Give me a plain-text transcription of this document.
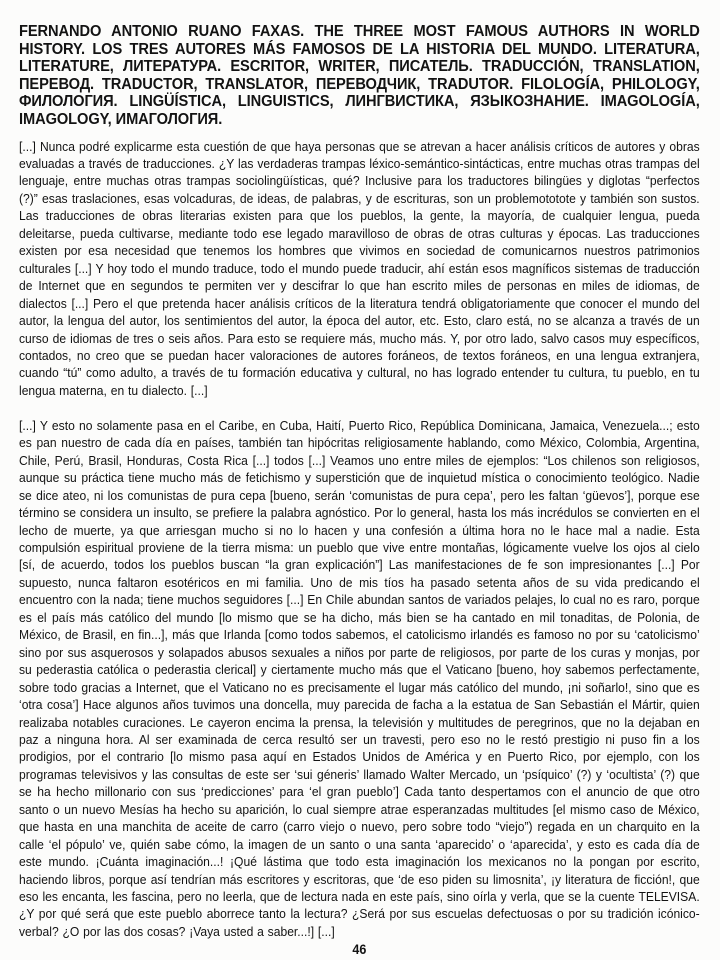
FERNANDO ANTONIO RUANO FAXAS. THE THREE MOST FAMOUS AUTHORS IN WORLD HISTORY. LOS TRES AUTORES MÁS FAMOSOS DE LA HISTORIA DEL MUNDO. LITERATURA, LITERATURE, ЛИТЕРАТУРА. ESCRITOR, WRITER, ПИСАТЕЛЬ. TRADUCCIÓN, TRANSLATION, ПЕРЕВОД. TRADUCTOR, TRANSLATOR, ПЕРЕВОДЧИК, TRADUTOR. FILOLOGÍA, PHILOLOGY, ФИЛОЛОГИЯ. LINGÜÍSTICA, LINGUISTICS, ЛИНГВИСТИКА, ЯЗЫКОЗНАНИЕ. IMAGOLOGÍA, IMAGOLOGY, ИМАГОЛОГИЯ.

[...] Nunca podré explicarme esta cuestión de que haya personas que se atrevan a hacer análisis críticos de autores y obras evaluadas a través de traducciones. ¿Y las verdaderas trampas léxico-semántico-sintácticas, entre muchas otras trampas del lenguaje, entre muchas otras trampas sociolingüísticas, qué? Inclusive para los traductores bilingües y diglotas “perfectos (?)” esas traslaciones, esas volcaduras, de ideas, de palabras, y de escrituras, son un problemototote y también son sustos. Las traducciones de obras literarias existen para que los pueblos, la gente, la mayoría, de cualquier lengua, pueda deleitarse, pueda cultivarse, mediante todo ese legado maravilloso de obras de otras culturas y épocas. Las traducciones existen por esa necesidad que tenemos los hombres que vivimos en sociedad de comunicarnos nuestros patrimonios culturales [...] Y hoy todo el mundo traduce, todo el mundo puede traducir, ahí están esos magníficos sistemas de traducción de Internet que en segundos te permiten ver y descifrar lo que han escrito miles de personas en miles de idiomas, de dialectos [...] Pero el que pretenda hacer análisis críticos de la literatura tendrá obligatoriamente que conocer el mundo del autor, la lengua del autor, los sentimientos del autor, la época del autor, etc. Esto, claro está, no se alcanza a través de un curso de idiomas de tres o seis años. Para esto se requiere más, mucho más. Y, por otro lado, salvo casos muy específicos, contados, no creo que se puedan hacer valoraciones de autores foráneos, de textos foráneos, en una lengua extranjera, cuando “tú” como adulto, a través de tu formación educativa y cultural, no has logrado entender tu cultura, tu pueblo, en tu lengua materna, en tu dialecto. [...]

[...] Y esto no solamente pasa en el Caribe, en Cuba, Haití, Puerto Rico, República Dominicana, Jamaica, Venezuela...; esto es pan nuestro de cada día en países, también tan hipócritas religiosamente hablando, como México, Colombia, Argentina, Chile, Perú, Brasil, Honduras, Costa Rica [...] todos [...] Veamos uno entre miles de ejemplos: “Los chilenos son religiosos, aunque su práctica tiene mucho más de fetichismo y superstición que de inquietud mística o conocimiento teológico. Nadie se dice ateo, ni los comunistas de pura cepa [bueno, serán ‘comunistas de pura cepa’, pero les faltan ‘güevos’], porque ese término se considera un insulto, se prefiere la palabra agnóstico. Por lo general, hasta los más incrédulos se convierten en el lecho de muerte, ya que arriesgan mucho si no lo hacen y una confesión a última hora no le hace mal a nadie. Esta compulsión espiritual proviene de la tierra misma: un pueblo que vive entre montañas, lógicamente vuelve los ojos al cielo [sí, de acuerdo, todos los pueblos buscan “la gran explicación”] Las manifestaciones de fe son impresionantes [...] Por supuesto, nunca faltaron esotéricos en mi familia. Uno de mis tíos ha pasado setenta años de su vida predicando el encuentro con la nada; tiene muchos seguidores [...] En Chile abundan santos de variados pelajes, lo cual no es raro, porque es el país más católico del mundo [lo mismo que se ha dicho, más bien se ha cantado en mil tonaditas, de Polonia, de México, de Brasil, en fin...], más que Irlanda [como todos sabemos, el catolicismo irlandés es famoso no por su ‘catolicismo’ sino por sus asquerosos y solapados abusos sexuales a niños por parte de religiosos, por parte de los curas y monjas, por su pederastia católica o pederastia clerical] y ciertamente mucho más que el Vaticano [bueno, hoy sabemos perfectamente, sobre todo gracias a Internet, que el Vaticano no es precisamente el lugar más católico del mundo, ¡ni soñarlo!, sino que es ‘otra cosa’] Hace algunos años tuvimos una doncella, muy parecida de facha a la estatua de San Sebastián el Mártir, quien realizaba notables curaciones. Le cayeron encima la prensa, la televisión y multitudes de peregrinos, que no la dejaban en paz a ninguna hora. Al ser examinada de cerca resultó ser un travesti, pero eso no le restó prestigio ni puso fin a los prodigios, por el contrario [lo mismo pasa aquí en Estados Unidos de América y en Puerto Rico, por ejemplo, con los programas televisivos y las consultas de este ser ‘sui géneris’ llamado Walter Mercado, un ‘psíquico’ (?) y ‘ocultista’ (?) que se ha hecho millonario con sus ‘predicciones’ para ‘el gran pueblo’] Cada tanto despertamos con el anuncio de que otro santo o un nuevo Mesías ha hecho su aparición, lo cual siempre atrae esperanzadas multitudes [el mismo caso de México, que hasta en una manchita de aceite de carro (carro viejo o nuevo, pero sobre todo “viejo”) regada en un charquito en la calle ‘el pópulo’ ve, quién sabe cómo, la imagen de un santo o una santa ‘aparecido’ o ‘aparecida’, y esto es cada día de este mundo. ¡Cuánta imaginación...! ¡Qué lástima que todo esta imaginación los mexicanos no la pongan por escrito, haciendo libros, porque así tendrían más escritores y escritoras, que ‘de eso piden su limosnita’, ¡y literatura de ficción!, que eso les encanta, les fascina, pero no leerla, que de lectura nada en este país, sino oírla y verla, que se la cuente TELEVISA. ¿Y por qué será que este pueblo aborrece tanto la lectura? ¿Será por sus escuelas defectuosas o por su tradición icónico-verbal? ¿O por las dos cosas? ¡Vaya usted a saber...!] [...]

46
